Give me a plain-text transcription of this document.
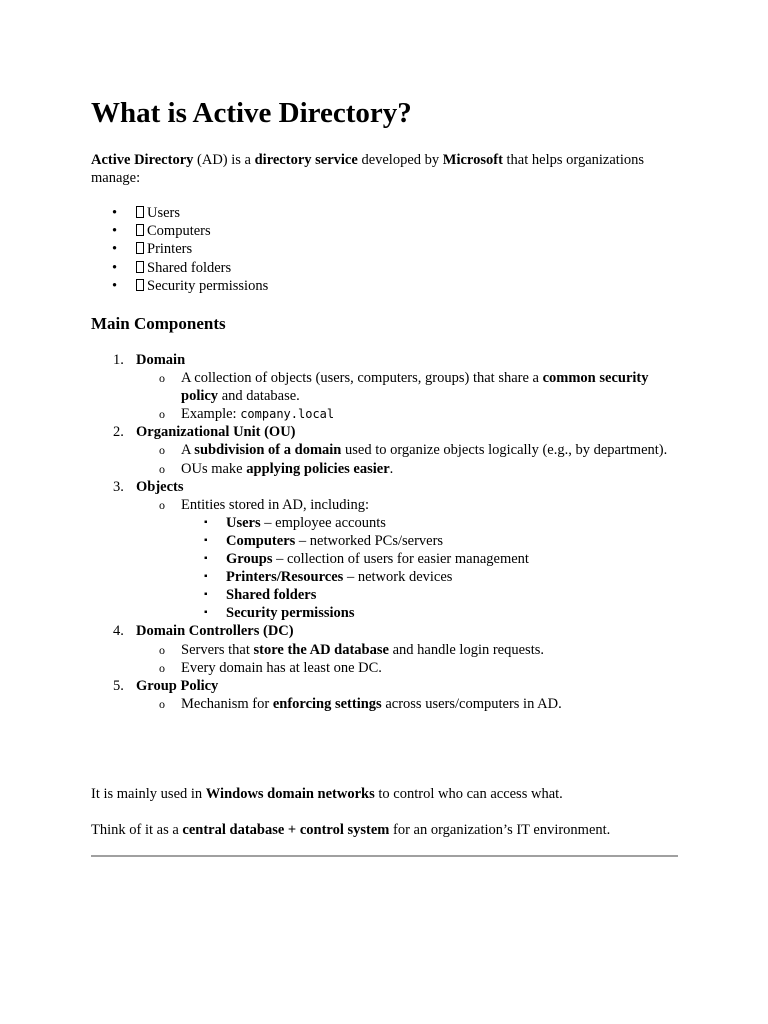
What is Active Directory?
Active Directory (AD) is a directory service developed by Microsoft that helps organizations manage:
• Users
• Computers
• Printers
• Shared folders
• Security permissions
Main Components
1. Domain
o A collection of objects (users, computers, groups) that share a common security policy and database.
o Example: company.local
2. Organizational Unit (OU)
o A subdivision of a domain used to organize objects logically (e.g., by department).
o OUs make applying policies easier.
3. Objects
o Entities stored in AD, including:
▪ Users – employee accounts
▪ Computers – networked PCs/servers
▪ Groups – collection of users for easier management
▪ Printers/Resources – network devices
▪ Shared folders
▪ Security permissions
4. Domain Controllers (DC)
o Servers that store the AD database and handle login requests.
o Every domain has at least one DC.
5. Group Policy
o Mechanism for enforcing settings across users/computers in AD.
It is mainly used in Windows domain networks to control who can access what.
Think of it as a central database + control system for an organization’s IT environment.
